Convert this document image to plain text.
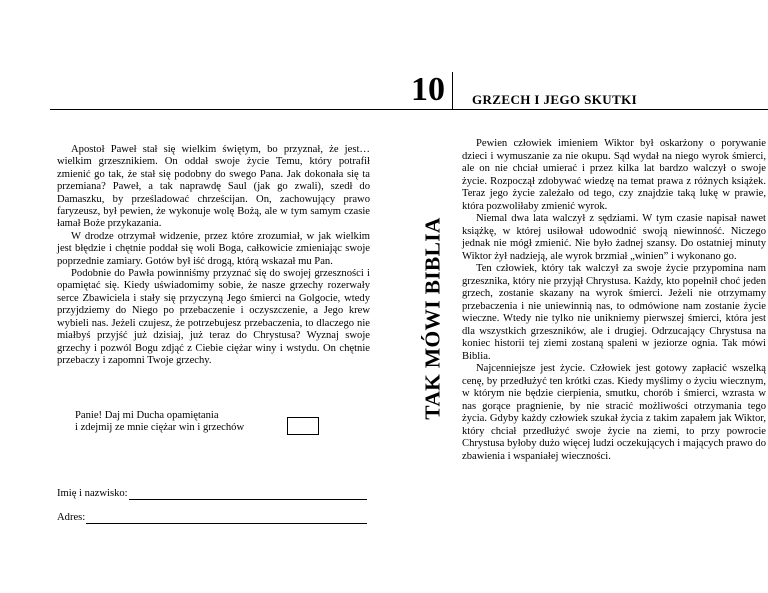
Apostoł Paweł stał się wielkim świętym, bo przyznał, że jest… wielkim grzesznikiem. On oddał swoje życie Temu, który potrafił zmienić go tak, że stał się podobny do swego Pana. Jak dokonała się ta przemiana? Paweł, a tak naprawdę Saul (jak go zwali), szedł do Damaszku, by prześladować chrześcijan. On, zachowujący prawo faryzeusz, był pewien, że wykonuje wolę Bożą, ale w tym samym czasie łamał Boże przykazania.

W drodze otrzymał widzenie, przez które zrozumiał, w jak wielkim jest błędzie i chętnie poddał się woli Boga, całkowicie zmieniając swoje poprzednie zamiary. Gotów był iść drogą, którą wskazał mu Pan.

Podobnie do Pawła powinniśmy przyznać się do swojej grzeszności i opamiętać się. Kiedy uświadomimy sobie, że nasze grzechy rozerwały serce Zbawiciela i stały się przyczyną Jego śmierci na Golgocie, wtedy przyjdziemy do Niego po przebaczenie i oczyszczenie, a Jego krew wybieli nas. Jeżeli czujesz, że potrzebujesz przebaczenia, to dlaczego nie miałbyś przyjść już dzisiaj, już teraz do Chrystusa? Wyznaj swoje grzechy i pozwól Bogu zdjąć z Ciebie ciężar winy i wstydu. On chętnie przebaczy i zapomni Twoje grzechy.

Panie! Daj mi Ducha opamiętania
i zdejmij ze mnie ciężar win i grzechów
Imię i nazwisko:
Adres:
TAK MÓWI BIBLIA
10	GRZECH I JEGO SKUTKI

Pewien człowiek imieniem Wiktor był oskarżony o porywanie dzieci i wymuszanie za nie okupu. Sąd wydał na niego wyrok śmierci, ale on nie chciał umierać i przez kilka lat bardzo walczył o swoje życie. Rozpoczął zdobywać wiedzę na temat prawa z różnych książek. Teraz jego życie zależało od tego, czy znajdzie taką lukę w prawie, która pozwoliłaby zmienić wyrok.

Niemal dwa lata walczył z sędziami. W tym czasie napisał nawet książkę, w której usiłował udowodnić swoją niewinność. Niczego jednak nie mógł zmienić. Nie było żadnej szansy. Do ostatniej minuty Wiktor żył nadzieją, ale wyrok brzmiał „winien” i wykonano go.

Ten człowiek, który tak walczył za swoje życie przypomina nam grzesznika, który nie przyjął Chrystusa. Każdy, kto popełnił choć jeden grzech, zostanie skazany na wyrok śmierci. Jeżeli nie otrzymamy przebaczenia i nie uniewinnią nas, to odmówione nam zostanie życie wieczne. Wtedy nie tylko nie unikniemy pierwszej śmierci, która jest dla wszystkich grzeszników, ale i drugiej. Odrzucający Chrystusa na koniec historii tej ziemi zostaną spaleni w jeziorze ognia. Tak mówi Biblia.

Najcenniejsze jest życie. Człowiek jest gotowy zapłacić wszelką cenę, by przedłużyć ten krótki czas. Kiedy myślimy o życiu wiecznym, w którym nie będzie cierpienia, smutku, chorób i śmierci, wzrasta w nas gorące pragnienie, by nie stracić możliwości otrzymania tego życia. Gdyby każdy człowiek szukał życia z takim zapałem jak Wiktor, który chciał przedłużyć swoje życie na ziemi, to przy powrocie Chrystusa byłoby dużo więcej ludzi oczekujących i mających prawo do zbawienia i wspaniałej wieczności.
